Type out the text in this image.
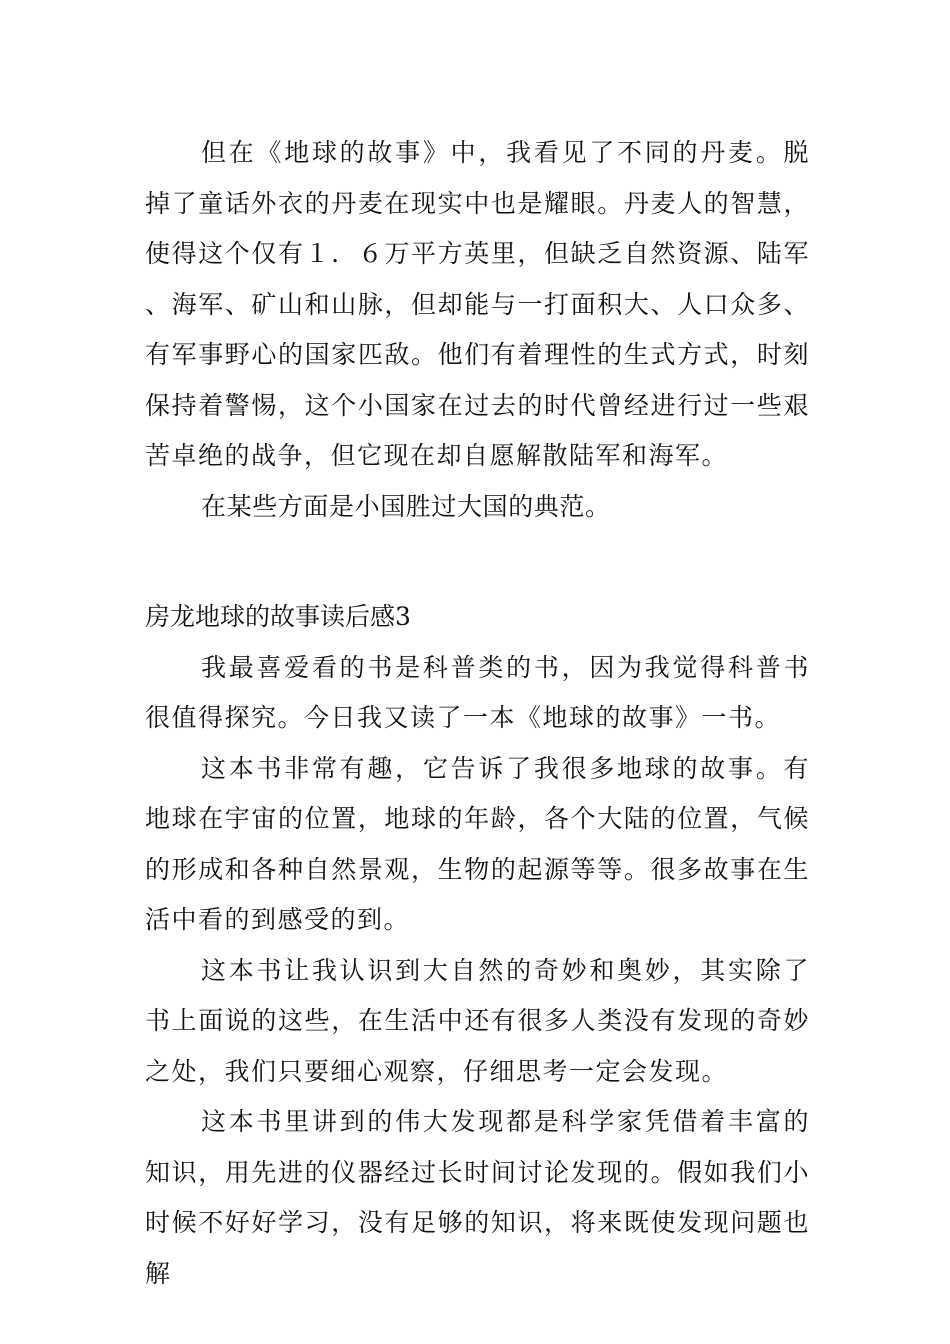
但在《地球的故事》中，我看见了不同的丹麦。脱掉了童话外衣的丹麦在现实中也是耀眼。丹麦人的智慧，使得这个仅有１．６万平方英里，但缺乏自然资源、陆军、海军、矿山和山脉，但却能与一打面积大、人口众多、有军事野心的国家匹敌。他们有着理性的生式方式，时刻保持着警惕，这个小国家在过去的时代曾经进行过一些艰苦卓绝的战争，但它现在却自愿解散陆军和海军。

在某些方面是小国胜过大国的典范。

房龙地球的故事读后感3

我最喜爱看的书是科普类的书，因为我觉得科普书很值得探究。今日我又读了一本《地球的故事》一书。

这本书非常有趣，它告诉了我很多地球的故事。有地球在宇宙的位置，地球的年龄，各个大陆的位置，气候的形成和各种自然景观，生物的起源等等。很多故事在生活中看的到感受的到。

这本书让我认识到大自然的奇妙和奥妙，其实除了书上面说的这些，在生活中还有很多人类没有发现的奇妙之处，我们只要细心观察，仔细思考一定会发现。

这本书里讲到的伟大发现都是科学家凭借着丰富的知识，用先进的仪器经过长时间讨论发现的。假如我们小时候不好好学习，没有足够的知识，将来既使发现问题也解
